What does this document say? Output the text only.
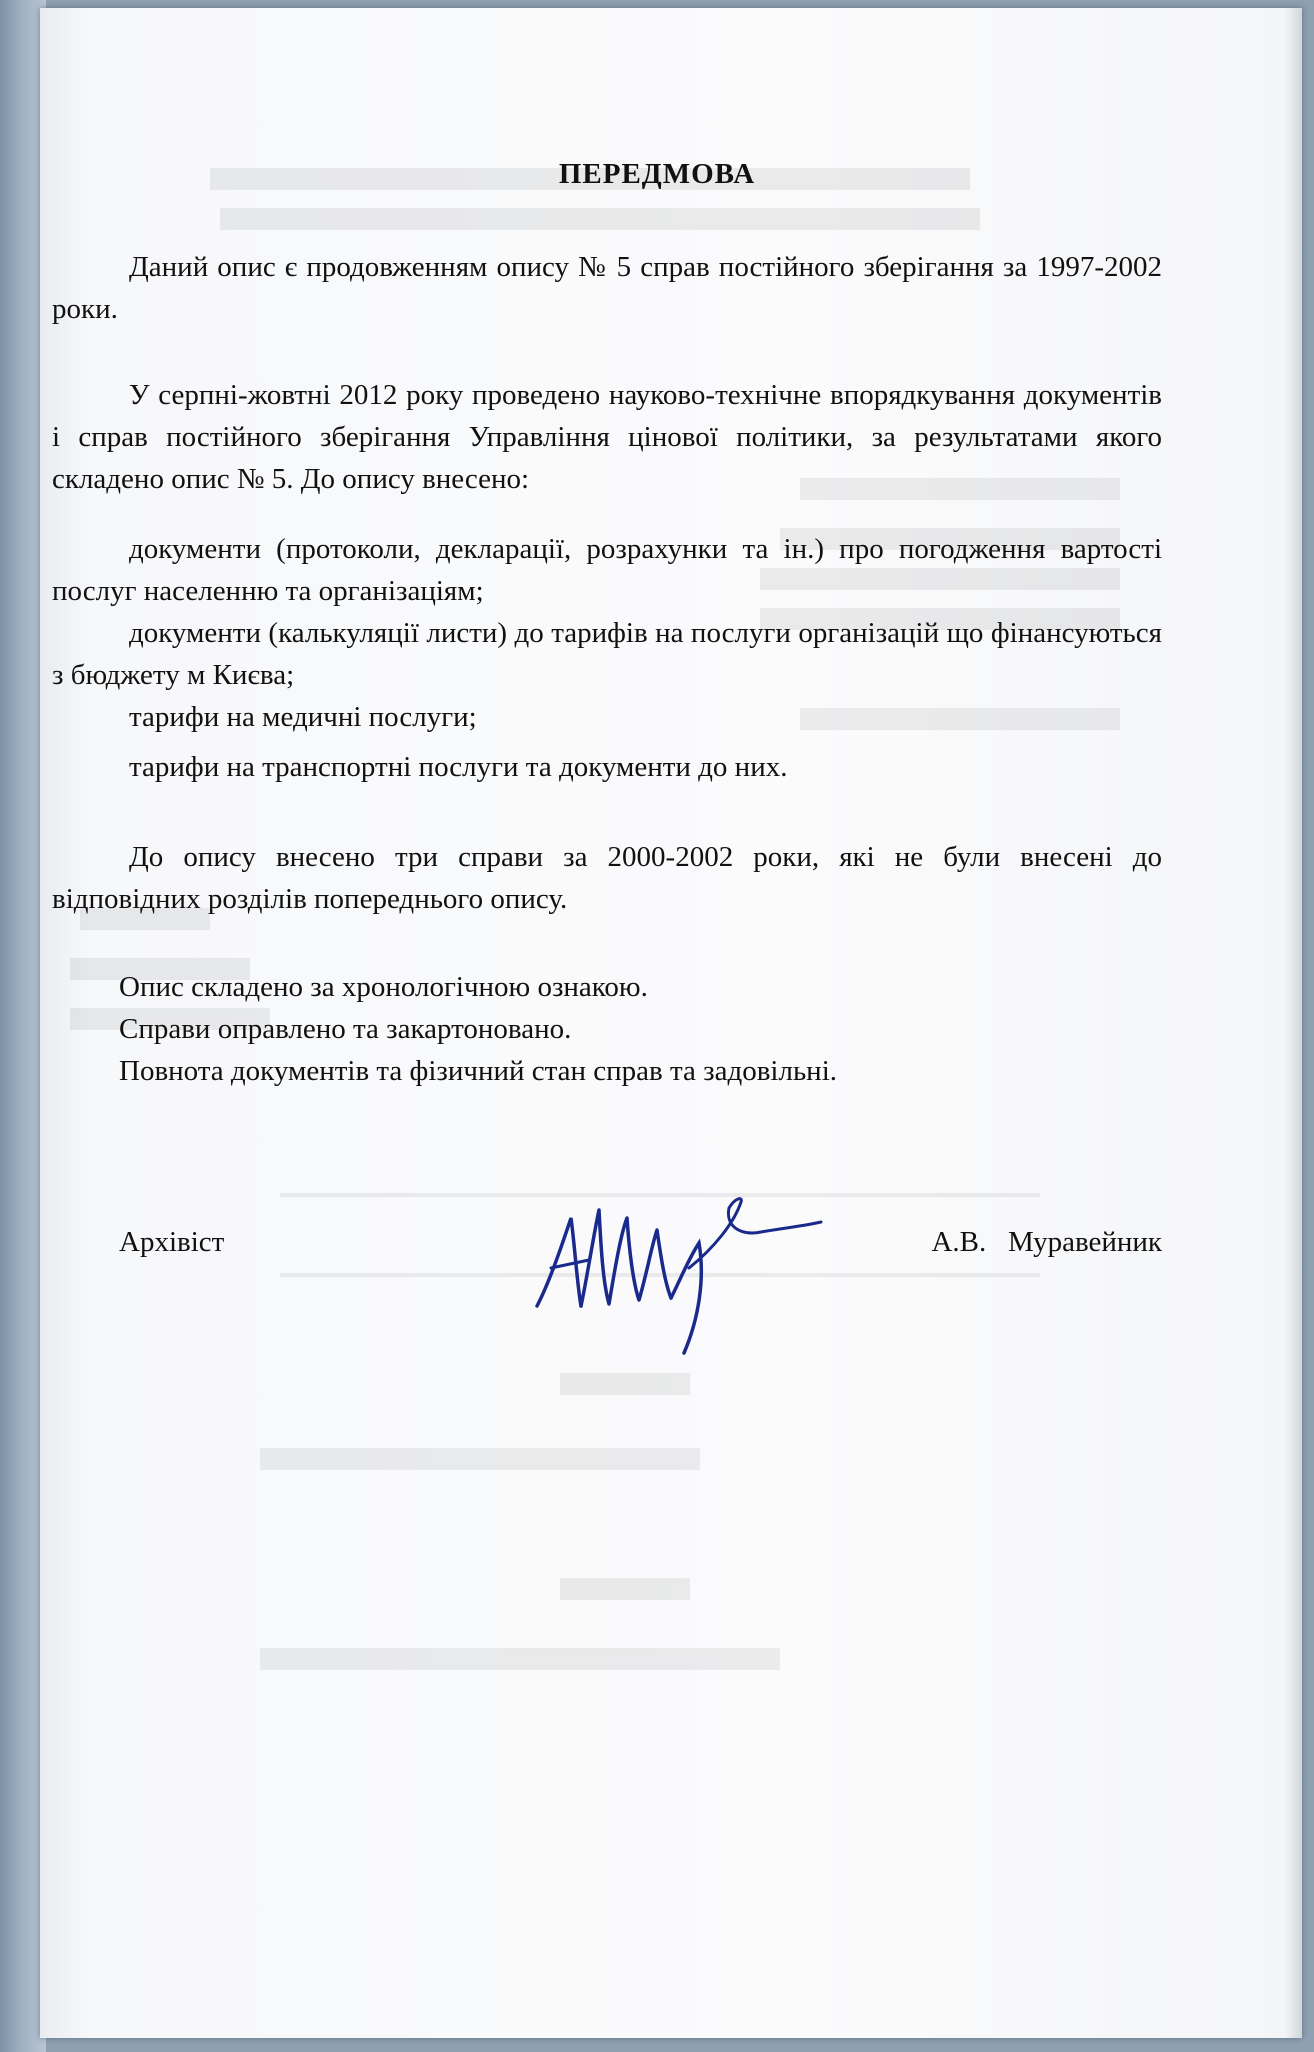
ПЕРЕДМОВА
Даний опис є продовженням опису № 5 справ постійного зберігання за 1997-2002 роки.
У серпні-жовтні 2012 року проведено науково-технічне впорядкування документів і справ постійного зберігання Управління цінової політики, за результатами якого складено опис № 5. До опису внесено:
документи (протоколи, декларації, розрахунки та ін.) про погодження вартості послуг населенню та організаціям;
документи (калькуляції листи) до тарифів на послуги організацій що фінансуються з бюджету м Києва;
тарифи на медичні послуги;
тарифи на транспортні послуги та документи до них.
До опису внесено три справи за 2000-2002 роки, які не були внесені до відповідних розділів попереднього опису.
Опис складено за хронологічною ознакою.
Справи оправлено та закартоновано.
Повнота документів та фізичний стан справ та задовільні.
Архівіст	А.В.   Муравейник
